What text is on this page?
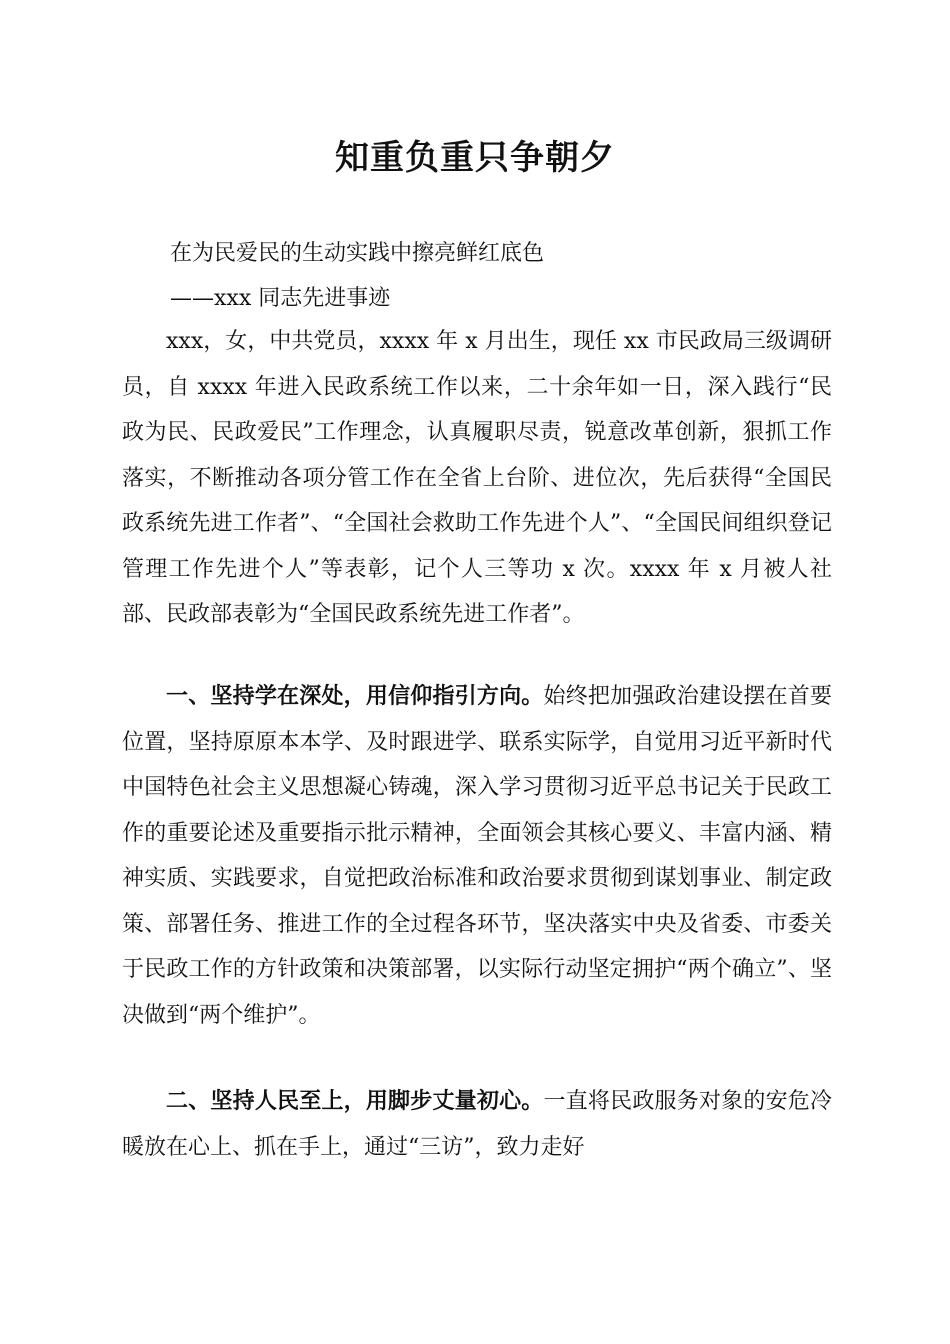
知重负重只争朝夕
在为民爱民的生动实践中擦亮鲜红底色
——xxx 同志先进事迹

xxx，女，中共党员，xxxx 年 x 月出生，现任 xx 市民政局三级调研员，自 xxxx 年进入民政系统工作以来，二十余年如一日，深入践行“民政为民、民政爱民”工作理念，认真履职尽责，锐意改革创新，狠抓工作落实，不断推动各项分管工作在全省上台阶、进位次，先后获得“全国民政系统先进工作者”、“全国社会救助工作先进个人”、“全国民间组织登记管理工作先进个人”等表彰，记个人三等功 x 次。xxxx 年 x 月被人社部、民政部表彰为“全国民政系统先进工作者”。

一、坚持学在深处，用信仰指引方向。始终把加强政治建设摆在首要位置，坚持原原本本学、及时跟进学、联系实际学，自觉用习近平新时代中国特色社会主义思想凝心铸魂，深入学习贯彻习近平总书记关于民政工作的重要论述及重要指示批示精神，全面领会其核心要义、丰富内涵、精神实质、实践要求，自觉把政治标准和政治要求贯彻到谋划事业、制定政策、部署任务、推进工作的全过程各环节，坚决落实中央及省委、市委关于民政工作的方针政策和决策部署，以实际行动坚定拥护“两个确立”、坚决做到“两个维护”。

二、坚持人民至上，用脚步丈量初心。一直将民政服务对象的安危冷暖放在心上、抓在手上，通过“三访”，致力走好
